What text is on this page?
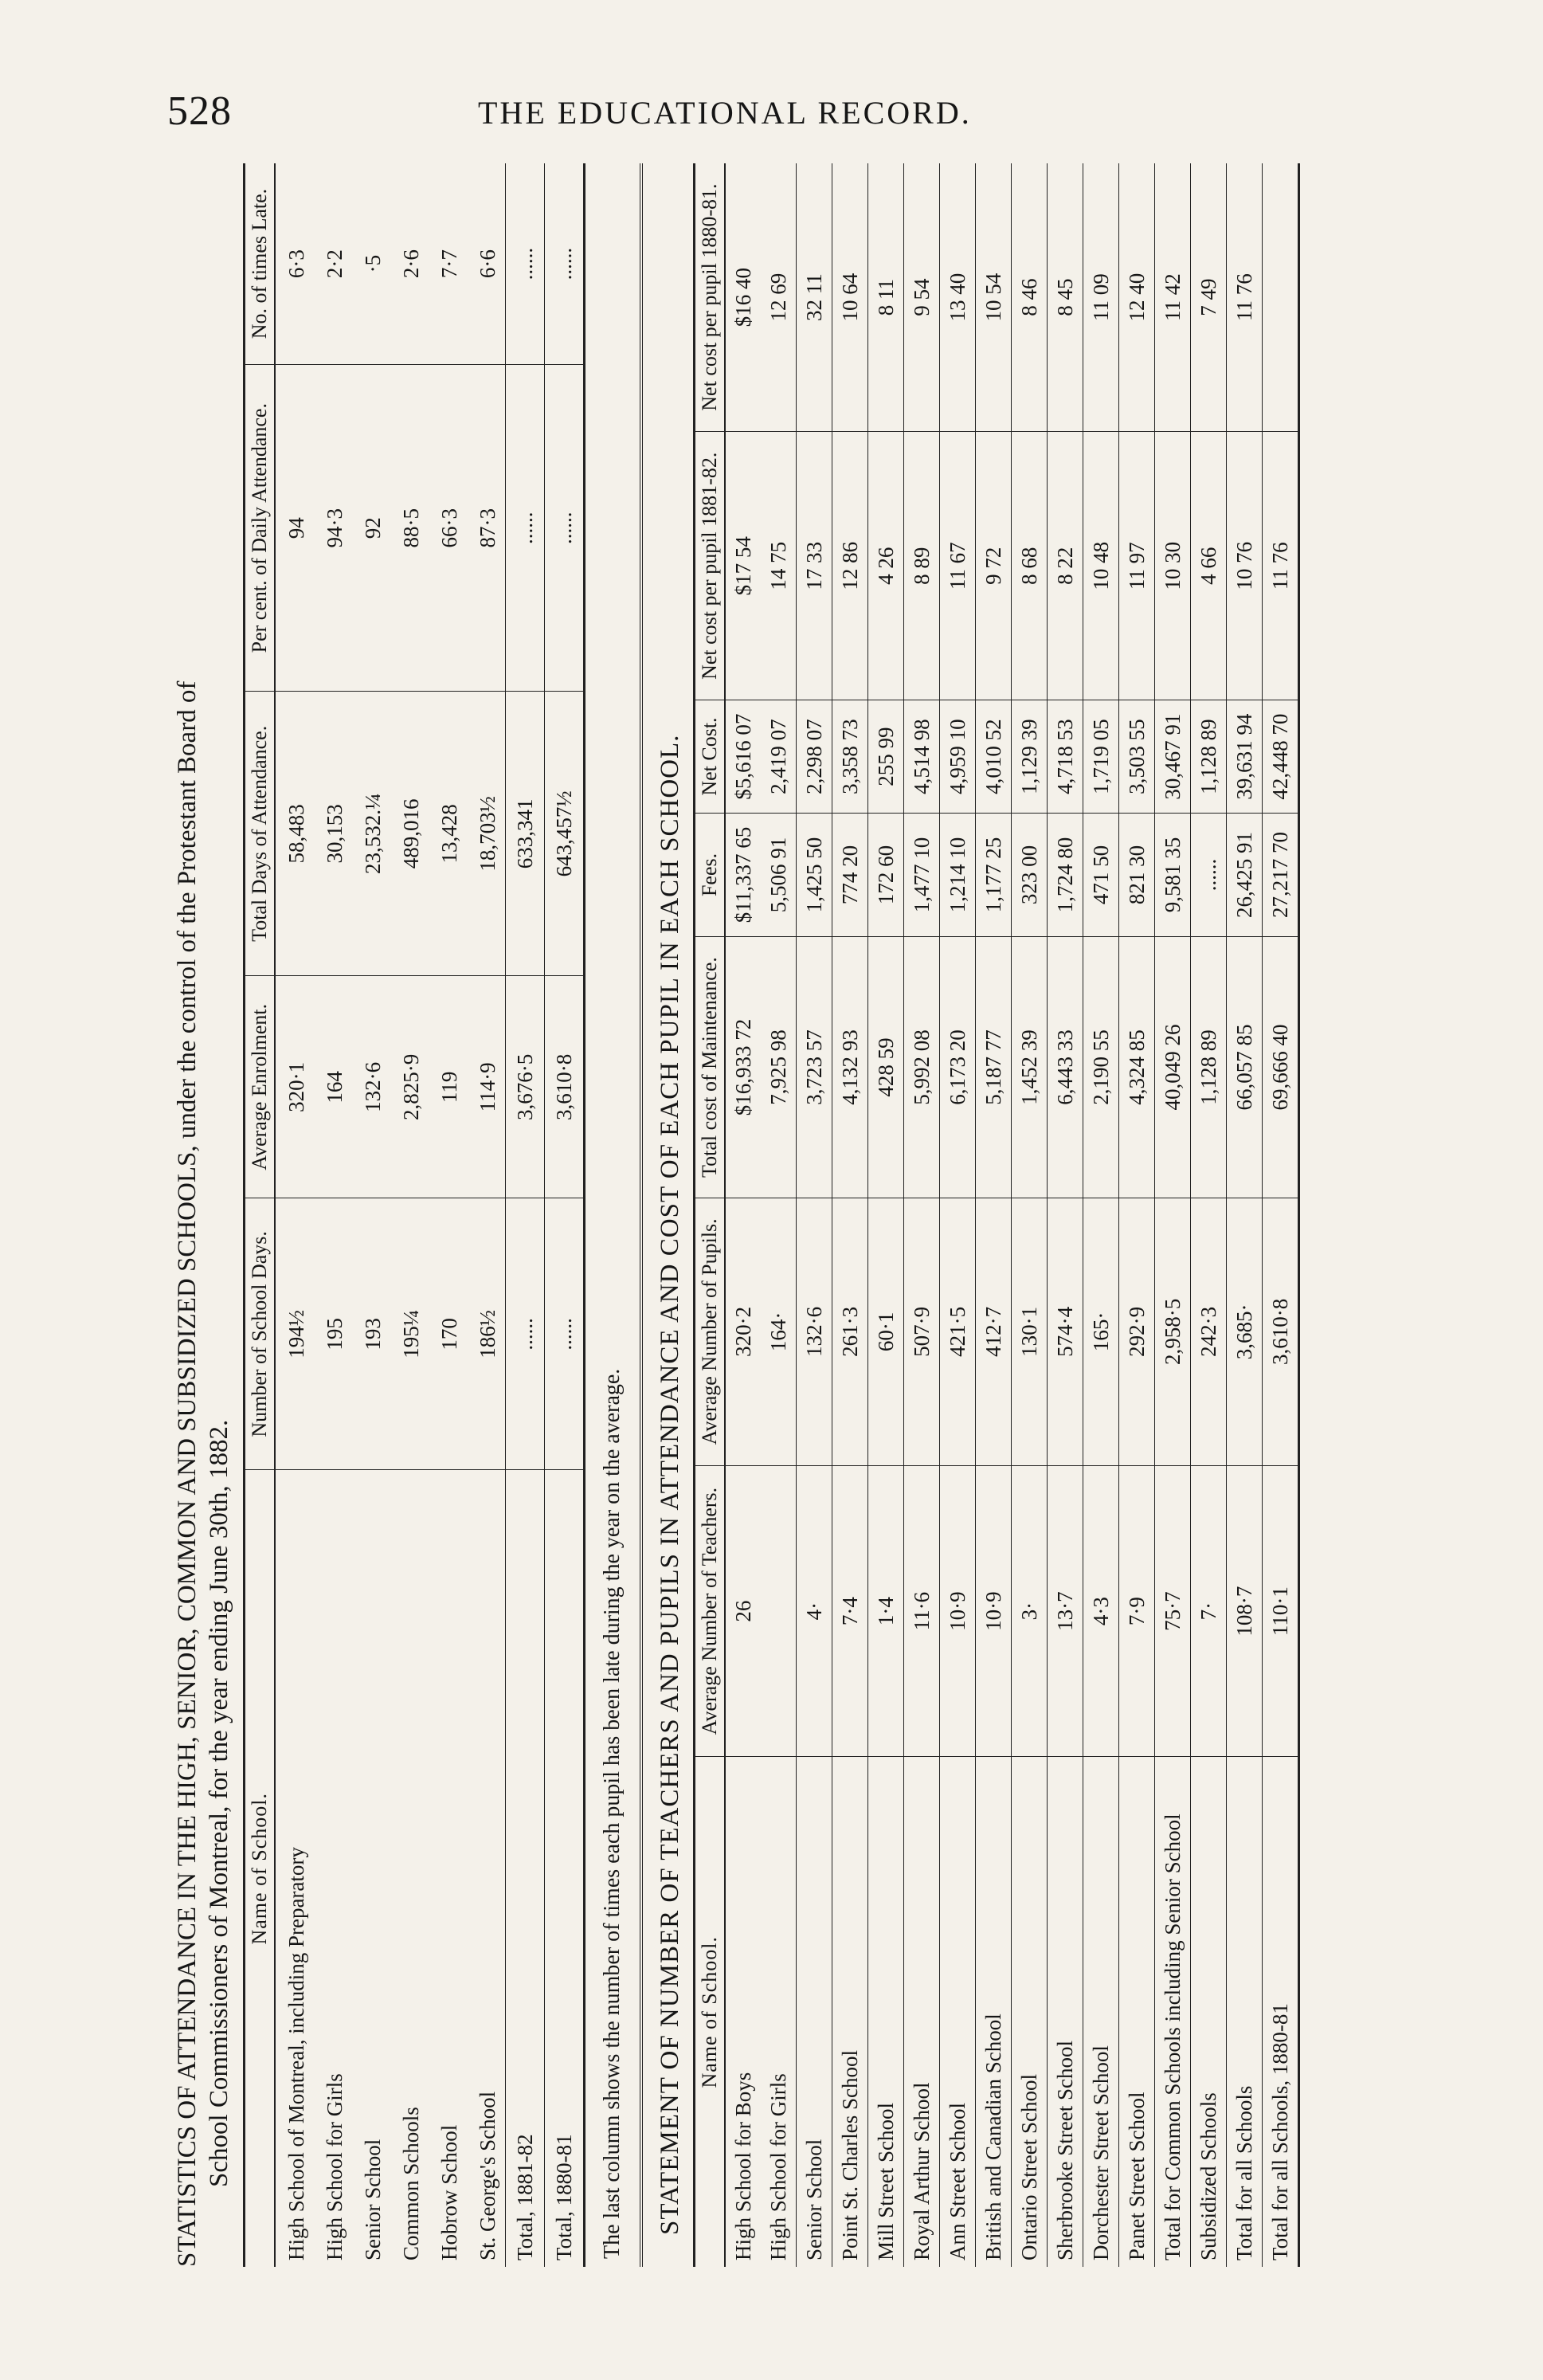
528	THE EDUCATIONAL RECORD.
STATISTICS OF ATTENDANCE IN THE HIGH, SENIOR, COMMON AND SUBSIDIZED SCHOOLS, under the control of the Protestant Board of School Commissioners of Montreal, for the year ending June 30th, 1882. Name of School.	Number of School Days.	Average Enrolment.	Total Days of Attendance.	Per cent. of Daily Attendance.	No. of times Late.
High School of Montreal, including Preparatory	194½	320·1	58,483	94	6·3
High School for Girls	195	164	30,153	94·3	2·2
Senior School	193	132·6	23,532.¼	92	·5
Common Schools	195¼	2,825·9	489,016	88·5	2·6
Hobrow School	170	119	13,428	66·3	7·7
St. George's School	186½	114·9	18,703½	87·3	6·6
Total, 1881-82	......	3,676·5	633,341	......	......
Total, 1880-81	......	3,610·8	643,457½	......	......
The last column shows the number of times each pupil has been late during the year on the average.	STATEMENT OF NUMBER OF TEACHERS AND PUPILS IN ATTENDANCE AND COST OF EACH PUPIL IN EACH SCHOOL. Name of School.	Average Number of Teachers.	Average Number of Pupils.	Total cost of Maintenance.	Fees.	Net Cost.	Net cost per pupil 1881-82.	Net cost per pupil 1880-81.
High School for Boys	26	320·2	$16,933 72	$11,337 65	$5,616 07	$17 54	$16 40
High School for Girls		164·	7,925 98	5,506 91	2,419 07	14 75	12 69
Senior School	4·	132·6	3,723 57	1,425 50	2,298 07	17 33	32 11
Point St. Charles School	7·4	261·3	4,132 93	774 20	3,358 73	12 86	10 64
Mill Street School	1·4	60·1	428 59	172 60	255 99	4 26	8 11
Royal Arthur School	11·6	507·9	5,992 08	1,477 10	4,514 98	8 89	9 54
Ann Street School	10·9	421·5	6,173 20	1,214 10	4,959 10	11 67	13 40
British and Canadian School	10·9	412·7	5,187 77	1,177 25	4,010 52	9 72	10 54
Ontario Street School	3·	130·1	1,452 39	323 00	1,129 39	8 68	8 46
Sherbrooke Street School	13·7	574·4	6,443 33	1,724 80	4,718 53	8 22	8 45
Dorchester Street School	4·3	165·	2,190 55	471 50	1,719 05	10 48	11 09
Panet Street School	7·9	292·9	4,324 85	821 30	3,503 55	11 97	12 40
Total for Common Schools including Senior School	75·7	2,958·5	40,049 26	9,581 35	30,467 91	10 30	11 42
Subsidized Schools	7·	242·3	1,128 89	......	1,128 89	4 66	7 49
Total for all Schools	108·7	3,685·	66,057 85	26,425 91	39,631 94	10 76	11 76
Total for all Schools, 1880-81	110·1	3,610·8	69,666 40	27,217 70	42,448 70	11 76	
